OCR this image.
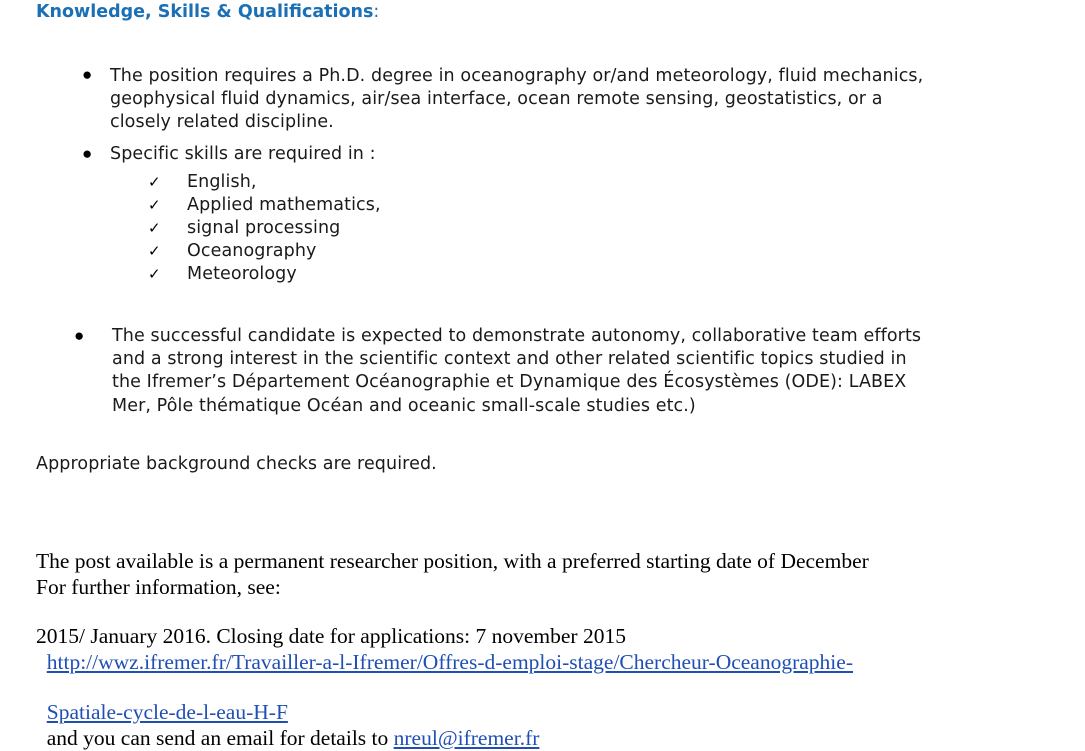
Knowledge, Skills & Qualifications:
● The position requires a Ph.D. degree in oceanography or/and meteorology, fluid mechanics,
geophysical fluid dynamics, air/sea interface, ocean remote sensing, geostatistics, or a
closely related discipline.
● Specific skills are required in :
✓	English,
✓	Applied mathematics,
✓	signal processing
✓	Oceanography
✓	Meteorology
● The successful candidate is expected to demonstrate autonomy, collaborative team efforts
and a strong interest in the scientific context and other related scientific topics studied in
the Ifremer’s Département Océanographie et Dynamique des Écosystèmes (ODE): LABEX
Mer, Pôle thématique Océan and oceanic small-scale studies etc.)
Appropriate background checks are required.

The post available is a permanent researcher position, with a preferred starting date of December

2015/ January 2016. Closing date for applications: 7 november 2015

For further information, see:

http://wwz.ifremer.fr/Travailler-a-l-Ifremer/Offres-d-emploi-stage/Chercheur-Oceanographie-

Spatiale-cycle-de-l-eau-H-F

and you can send an email for details to nreul@ifremer.fr
